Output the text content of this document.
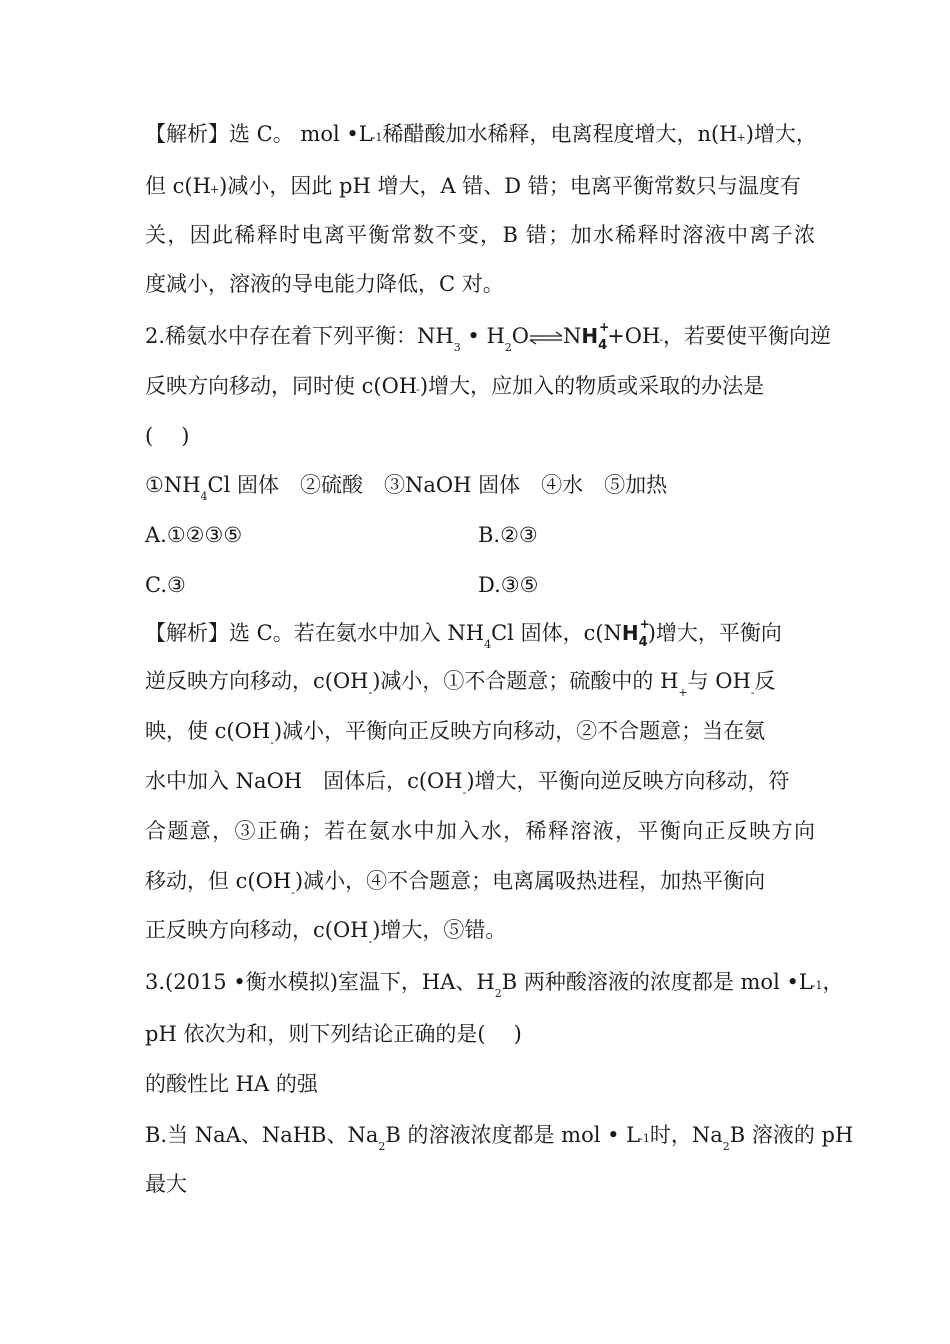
【解析】选 C。 mol •L-1稀醋酸加水稀释，电离程度增大，n(H+)增大，
但 c(H+)减小，因此 pH 增大，A 错、D 错；电离平衡常数只与温度有
关，因此稀释时电离平衡常数不变，B 错；加水稀释时溶液中离子浓
度减小，溶液的导电能力降低，C 对。
2.稀氨水中存在着下列平衡：$NH_3$ • $H_2O\rightleftharpoons NH_4$
+
+OH-，若要使平衡向逆
反映方向移动，同时使 c(OH-)增大，应加入的物质或采取的办法是
( )
$①NH_4Cl$ 固体　②硫酸　③NaOH 固体　④水　⑤加热
A.①②③⑤	B.②③
C.③	D.③⑤
【解析】选 C。若在氨水中加入 $NH_4Cl$ 固体，$c(NH_4$
+
)增大，平衡向
逆反映方向移动，$c(OH_-)$减小，①不合题意；硫酸中的 $H_+$与 $OH_-$反
映，使 $c(OH_-)$减小，平衡向正反映方向移动，②不合题意；当在氨
水中加入 NaOH　固体后，$c(OH_-)$增大，平衡向逆反映方向移动，符
合题意，③正确；若在氨水中加入水，稀释溶液，平衡向正反映方向
移动，但 $c(OH_-)$减小，④不合题意；电离属吸热进程，加热平衡向
正反映方向移动，$c(OH_-)$增大，⑤错。
3.(2015 •衡水模拟)室温下，HA、$H_2B$ 两种酸溶液的浓度都是 mol •L-1，
pH 依次为和，则下列结论正确的是( )
的酸性比 HA 的强
B.当 NaA、NaHB、$Na_2B$ 的溶液浓度都是 mol • L-1时，$Na_2B$ 溶液的 pH
最大
